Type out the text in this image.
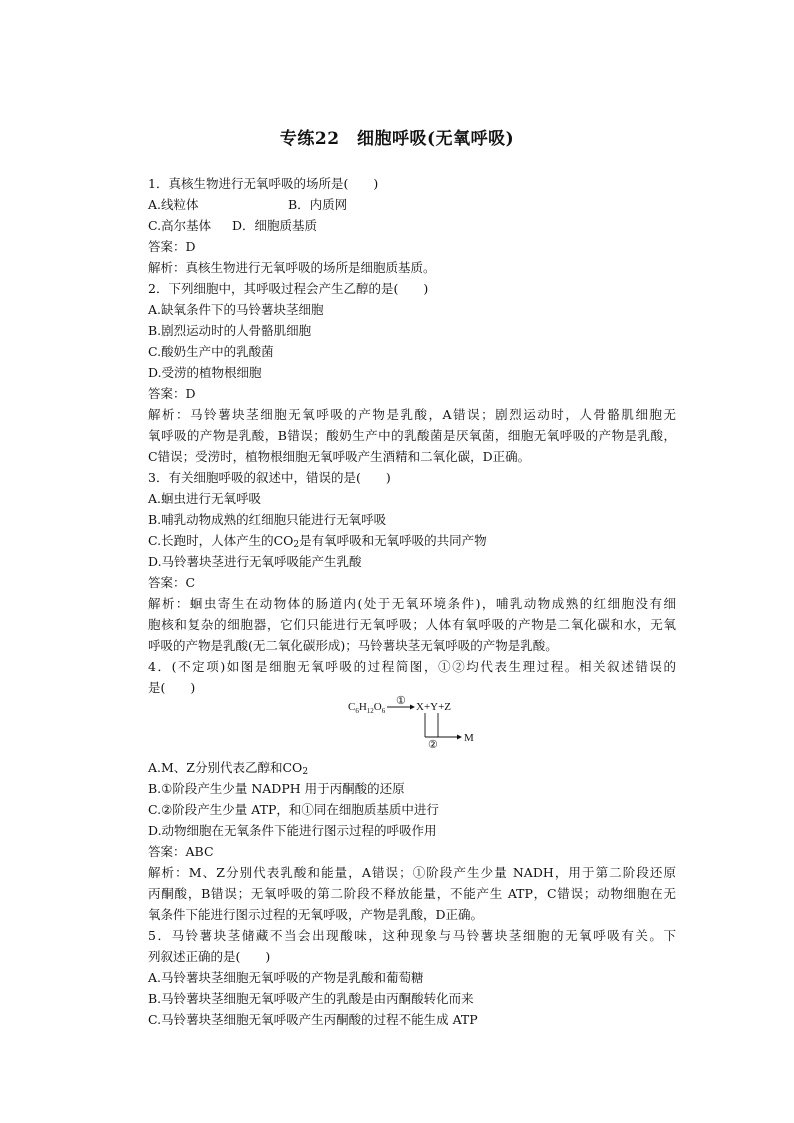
专练22　细胞呼吸(无氧呼吸)
1．真核生物进行无氧呼吸的场所是(　　)
A.线粒体	B．内质网
C.高尔基体 D．细胞质基质
答案：D
解析：真核生物进行无氧呼吸的场所是细胞质基质。
2．下列细胞中，其呼吸过程会产生乙醇的是(　　)
A.缺氧条件下的马铃薯块茎细胞
B.剧烈运动时的人骨骼肌细胞
C.酸奶生产中的乳酸菌
D.受涝的植物根细胞
答案：D
解析：马铃薯块茎细胞无氧呼吸的产物是乳酸，A错误；剧烈运动时，人骨骼肌细胞无
氧呼吸的产物是乳酸，B错误；酸奶生产中的乳酸菌是厌氧菌，细胞无氧呼吸的产物是乳酸，
C错误；受涝时，植物根细胞无氧呼吸产生酒精和二氧化碳，D正确。
3．有关细胞呼吸的叙述中，错误的是(　　)
A.蛔虫进行无氧呼吸
B.哺乳动物成熟的红细胞只能进行无氧呼吸
C.长跑时，人体产生的$CO_2$是有氧呼吸和无氧呼吸的共同产物
D.马铃薯块茎进行无氧呼吸能产生乳酸
答案：C
解析：蛔虫寄生在动物体的肠道内(处于无氧环境条件)，哺乳动物成熟的红细胞没有细
胞核和复杂的细胞器，它们只能进行无氧呼吸；人体有氧呼吸的产物是二氧化碳和水，无氧
呼吸的产物是乳酸(无二氧化碳形成)；马铃薯块茎无氧呼吸的产物是乳酸。
4．(不定项)如图是细胞无氧呼吸的过程简图，①②均代表生理过程。相关叙述错误的
是(　　)
$C_6H_{12}O_6$
① X+Y+Z
M
②
A.M、Z分别代表乙醇和$CO_2$
B.①阶段产生少量 NADPH 用于丙酮酸的还原
C.②阶段产生少量 ATP，和①同在细胞质基质中进行
D.动物细胞在无氧条件下能进行图示过程的呼吸作用
答案：ABC
解析：M、Z分别代表乳酸和能量，A错误；①阶段产生少量 NADH，用于第二阶段还原
丙酮酸，B错误；无氧呼吸的第二阶段不释放能量，不能产生 ATP，C错误；动物细胞在无
氧条件下能进行图示过程的无氧呼吸，产物是乳酸，D正确。
5．马铃薯块茎储藏不当会出现酸味，这种现象与马铃薯块茎细胞的无氧呼吸有关。下
列叙述正确的是(　　)
A.马铃薯块茎细胞无氧呼吸的产物是乳酸和葡萄糖
B.马铃薯块茎细胞无氧呼吸产生的乳酸是由丙酮酸转化而来
C.马铃薯块茎细胞无氧呼吸产生丙酮酸的过程不能生成 ATP
